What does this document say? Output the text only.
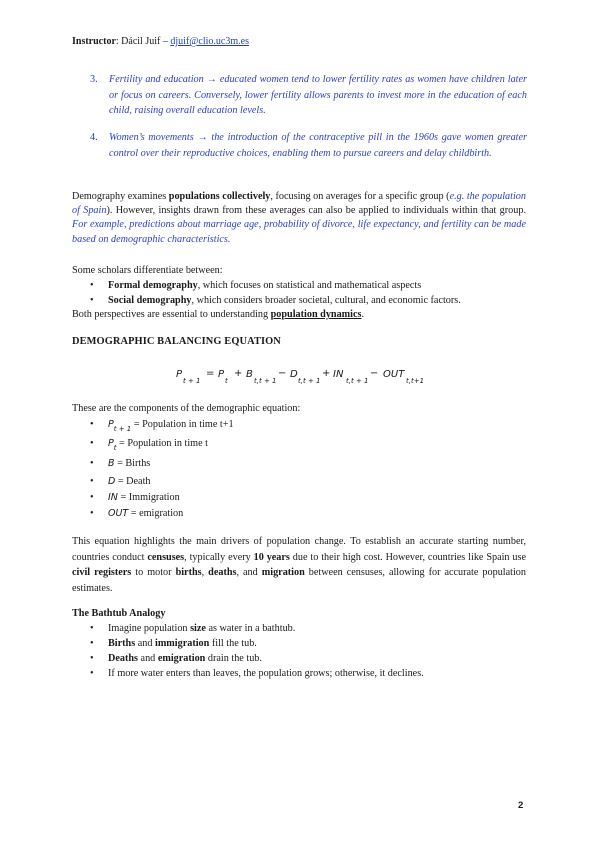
Instructor: Dácil Juif – djuif@clio.uc3m.es
3. Fertility and education → educated women tend to lower fertility rates as women have children later or focus on careers. Conversely, lower fertility allows parents to invest more in the education of each child, raising overall education levels.
4. Women’s movements → the introduction of the contraceptive pill in the 1960s gave women greater control over their reproductive choices, enabling them to pursue careers and delay childbirth.
Demography examines populations collectively, focusing on averages for a specific group (e.g. the population of Spain). However, insights drawn from these averages can also be applied to individuals within that group. For example, predictions about marriage age, probability of divorce, life expectancy, and fertility can be made based on demographic characteristics.
Some scholars differentiate between:
Formal demography, which focuses on statistical and mathematical aspects
Social demography, which considers broader societal, cultural, and economic factors.
Both perspectives are essential to understanding population dynamics.
DEMOGRAPHIC BALANCING EQUATION
P
t + 1
= P
t
+ B
t,t + 1
− D
t,t + 1
+ IN
t,t + 1
− OUT
t,t+1
These are the components of the demographic equation:
$P_{t + 1}$ = Population in time t+1
$P_t$ = Population in time t
B = Births
D = Death
IN = Immigration
OUT = emigration
This equation highlights the main drivers of population change. To establish an accurate starting number, countries conduct censuses, typically every 10 years due to their high cost. However, countries like Spain use civil registers to motor births, deaths, and migration between censuses, allowing for accurate population estimates.
The Bathtub Analogy
Imagine population size as water in a bathtub.
Births and immigration fill the tub.
Deaths and emigration drain the tub.
If more water enters than leaves, the population grows; otherwise, it declines.
2
